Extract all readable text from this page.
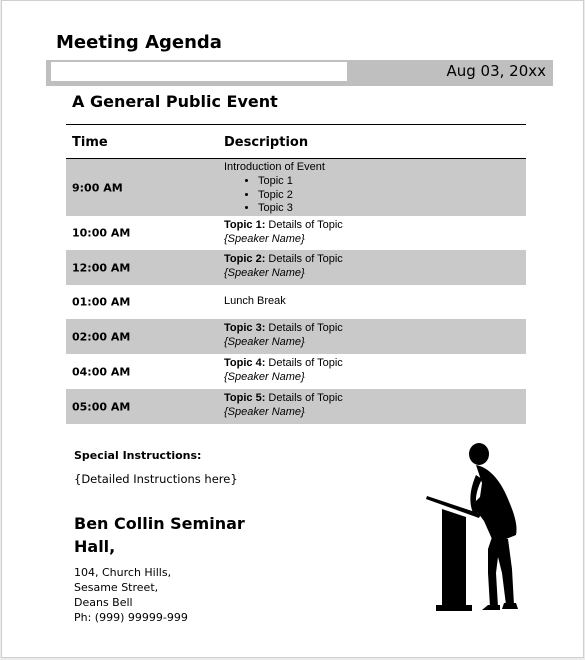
Meeting Agenda
Aug 03, 20xx
A General Public Event
Time	Description
9:00 AM
Introduction of Event
• Topic 1
• Topic 2
• Topic 3
10:00 AM
Topic 1: Details of Topic
{Speaker Name}
12:00 AM
Topic 2: Details of Topic
{Speaker Name}
01:00 AM	Lunch Break
02:00 AM
Topic 3: Details of Topic
{Speaker Name}
04:00 AM
Topic 4: Details of Topic
{Speaker Name}
05:00 AM
Topic 5: Details of Topic
{Speaker Name}
Special Instructions:
{Detailed Instructions here}
Ben Collin Seminar
Hall,
104, Church Hills,
Sesame Street,
Deans Bell
Ph: (999) 99999-999
